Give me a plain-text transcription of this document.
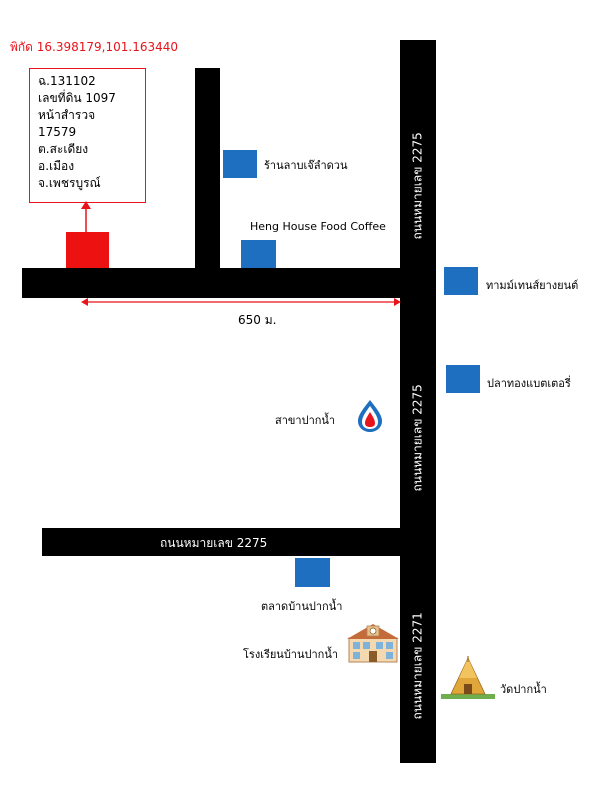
พิกัด 16.398179,101.163440
ฉ.131102
เลขที่ดิน 1097
หน้าสำรวจ
17579
ต.สะเดียง
อ.เมือง
จ.เพชรบูรณ์	ถนนหมายเลข 2275
ถนนหมายเลข 2275
ถนนหมายเลข 2271
ถนนหมายเลข 2275
650 ม.
ร้านลาบเจ๊ลำดวน
Heng House Food Coffee
ทามม์เทนส์ยางยนต์
ปลาทองแบตเตอรี่
สาขาปากน้ำ
ตลาดบ้านปากน้ำ
โรงเรียนบ้านปากน้ำ
วัดปากน้ำ
